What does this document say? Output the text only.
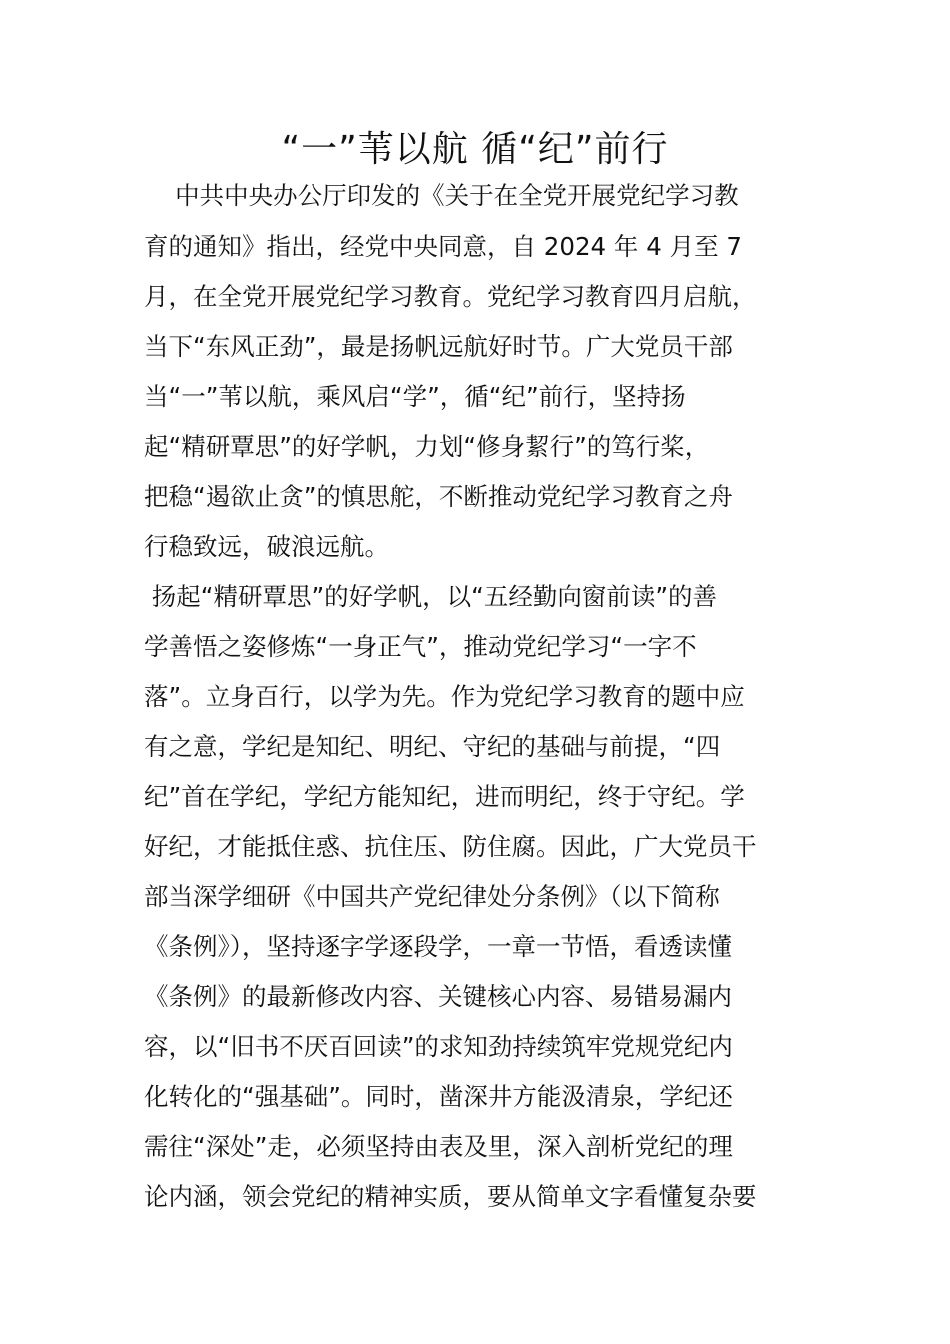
“一”苇以航 循“纪”前行
中共中央办公厅印发的《关于在全党开展党纪学习教
育的通知》指出，经党中央同意，自 2024 年 4 月至 7
月，在全党开展党纪学习教育。党纪学习教育四月启航，
当下“东风正劲”，最是扬帆远航好时节。广大党员干部
当“一”苇以航，乘风启“学”，循“纪”前行，坚持扬
起“精研覃思”的好学帆，力划“修身絜行”的笃行桨，
把稳“遏欲止贪”的慎思舵，不断推动党纪学习教育之舟
行稳致远，破浪远航。
扬起“精研覃思”的好学帆，以“五经勤向窗前读”的善
学善悟之姿修炼“一身正气”，推动党纪学习“一字不
落”。立身百行，以学为先。作为党纪学习教育的题中应
有之意，学纪是知纪、明纪、守纪的基础与前提，“四
纪”首在学纪，学纪方能知纪，进而明纪，终于守纪。学
好纪，才能抵住惑、抗住压、防住腐。因此，广大党员干
部当深学细研《中国共产党纪律处分条例》（以下简称
《条例》），坚持逐字学逐段学，一章一节悟，看透读懂
《条例》的最新修改内容、关键核心内容、易错易漏内
容，以“旧书不厌百回读”的求知劲持续筑牢党规党纪内
化转化的“强基础”。同时，凿深井方能汲清泉，学纪还
需往“深处”走，必须坚持由表及里，深入剖析党纪的理
论内涵，领会党纪的精神实质，要从简单文字看懂复杂要
